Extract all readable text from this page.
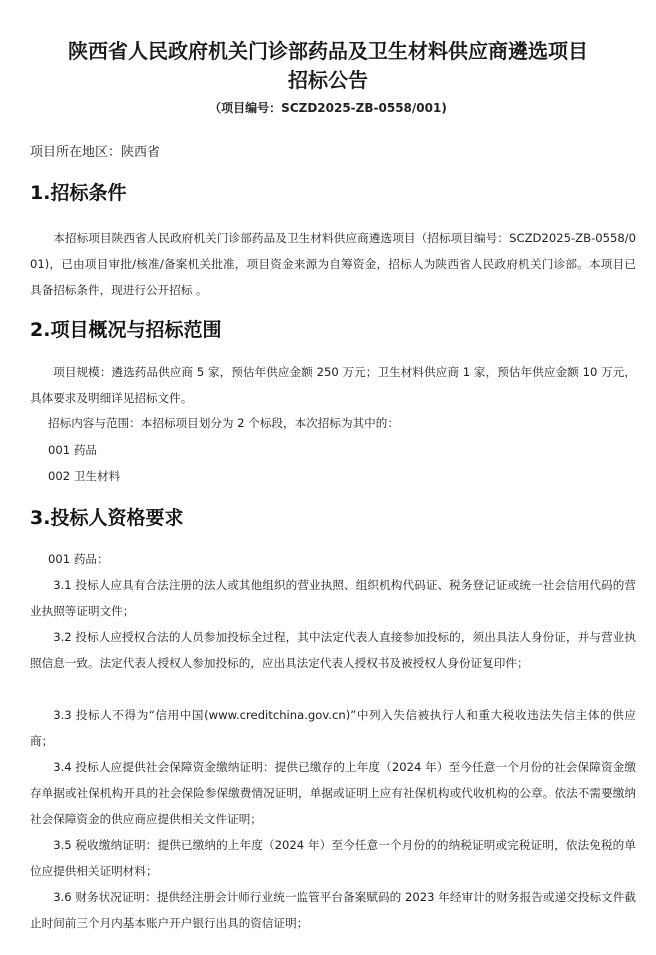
陕西省人民政府机关门诊部药品及卫生材料供应商遴选项目
招标公告
（项目编号：SCZD2025-ZB-0558/001)
项目所在地区：陕西省
1.招标条件
本招标项目陕西省人民政府机关门诊部药品及卫生材料供应商遴选项目（招标项目编号：SCZD2025-ZB-0558/001)，已由项目审批/核准/备案机关批准，项目资金来源为自筹资金，招标人为陕西省人民政府机关门诊部。本项目已具备招标条件，现进行公开招标 。
2.项目概况与招标范围
项目规模：遴选药品供应商 5 家，预估年供应金额 250 万元；卫生材料供应商 1 家，预估年供应金额 10 万元，具体要求及明细详见招标文件。
招标内容与范围：本招标项目划分为 2 个标段，本次招标为其中的：
001 药品
002 卫生材料
3.投标人资格要求
001 药品：
3.1 投标人应具有合法注册的法人或其他组织的营业执照、组织机构代码证、税务登记证或统一社会信用代码的营业执照等证明文件；
3.2 投标人应授权合法的人员参加投标全过程，其中法定代表人直接参加投标的，须出具法人身份证，并与营业执照信息一致。法定代表人授权人参加投标的，应出具法定代表人授权书及被授权人身份证复印件；
3.3 投标人不得为“信用中国(www.creditchina.gov.cn)”中列入失信被执行人和重大税收违法失信主体的供应商；
3.4 投标人应提供社会保障资金缴纳证明：提供已缴存的上年度（2024 年）至今任意一个月份的社会保障资金缴存单据或社保机构开具的社会保险参保缴费情况证明，单据或证明上应有社保机构或代收机构的公章。依法不需要缴纳社会保障资金的供应商应提供相关文件证明；
3.5 税收缴纳证明：提供已缴纳的上年度（2024 年）至今任意一个月份的的纳税证明或完税证明，依法免税的单位应提供相关证明材料；
3.6 财务状况证明：提供经注册会计师行业统一监管平台备案赋码的 2023 年经审计的财务报告或递交投标文件截止时间前三个月内基本账户开户银行出具的资信证明；
